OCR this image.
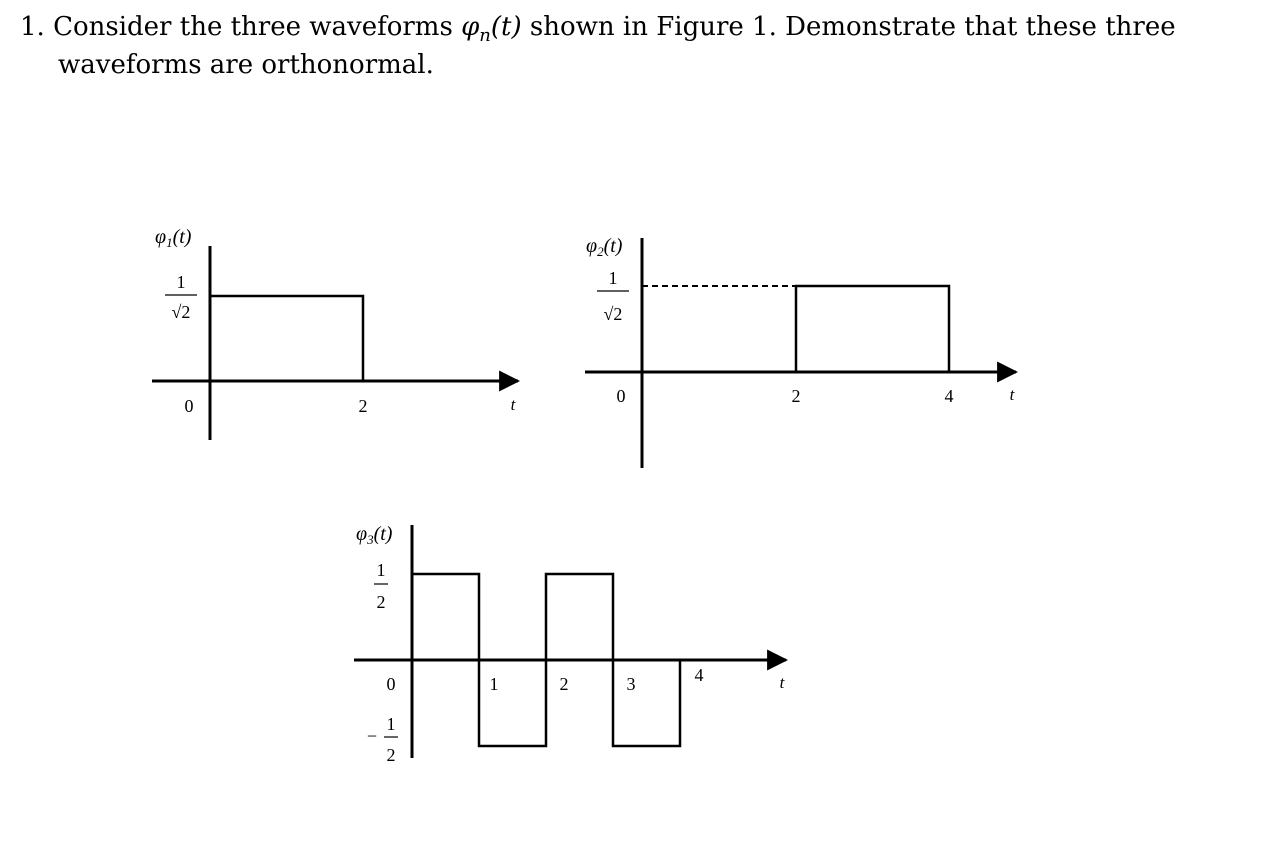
1. Consider the three waveforms $\varphi_n(t)$ shown in Figure 1. Demonstrate that these three
waveforms are orthonormal.
$\varphi_1(t)$
1
√2
0	2	t
$\varphi_2(t)$
1
√2
0	2	4	t
$\varphi_3(t)$
1
2
0	1	2	3	4	t
−
1
2
